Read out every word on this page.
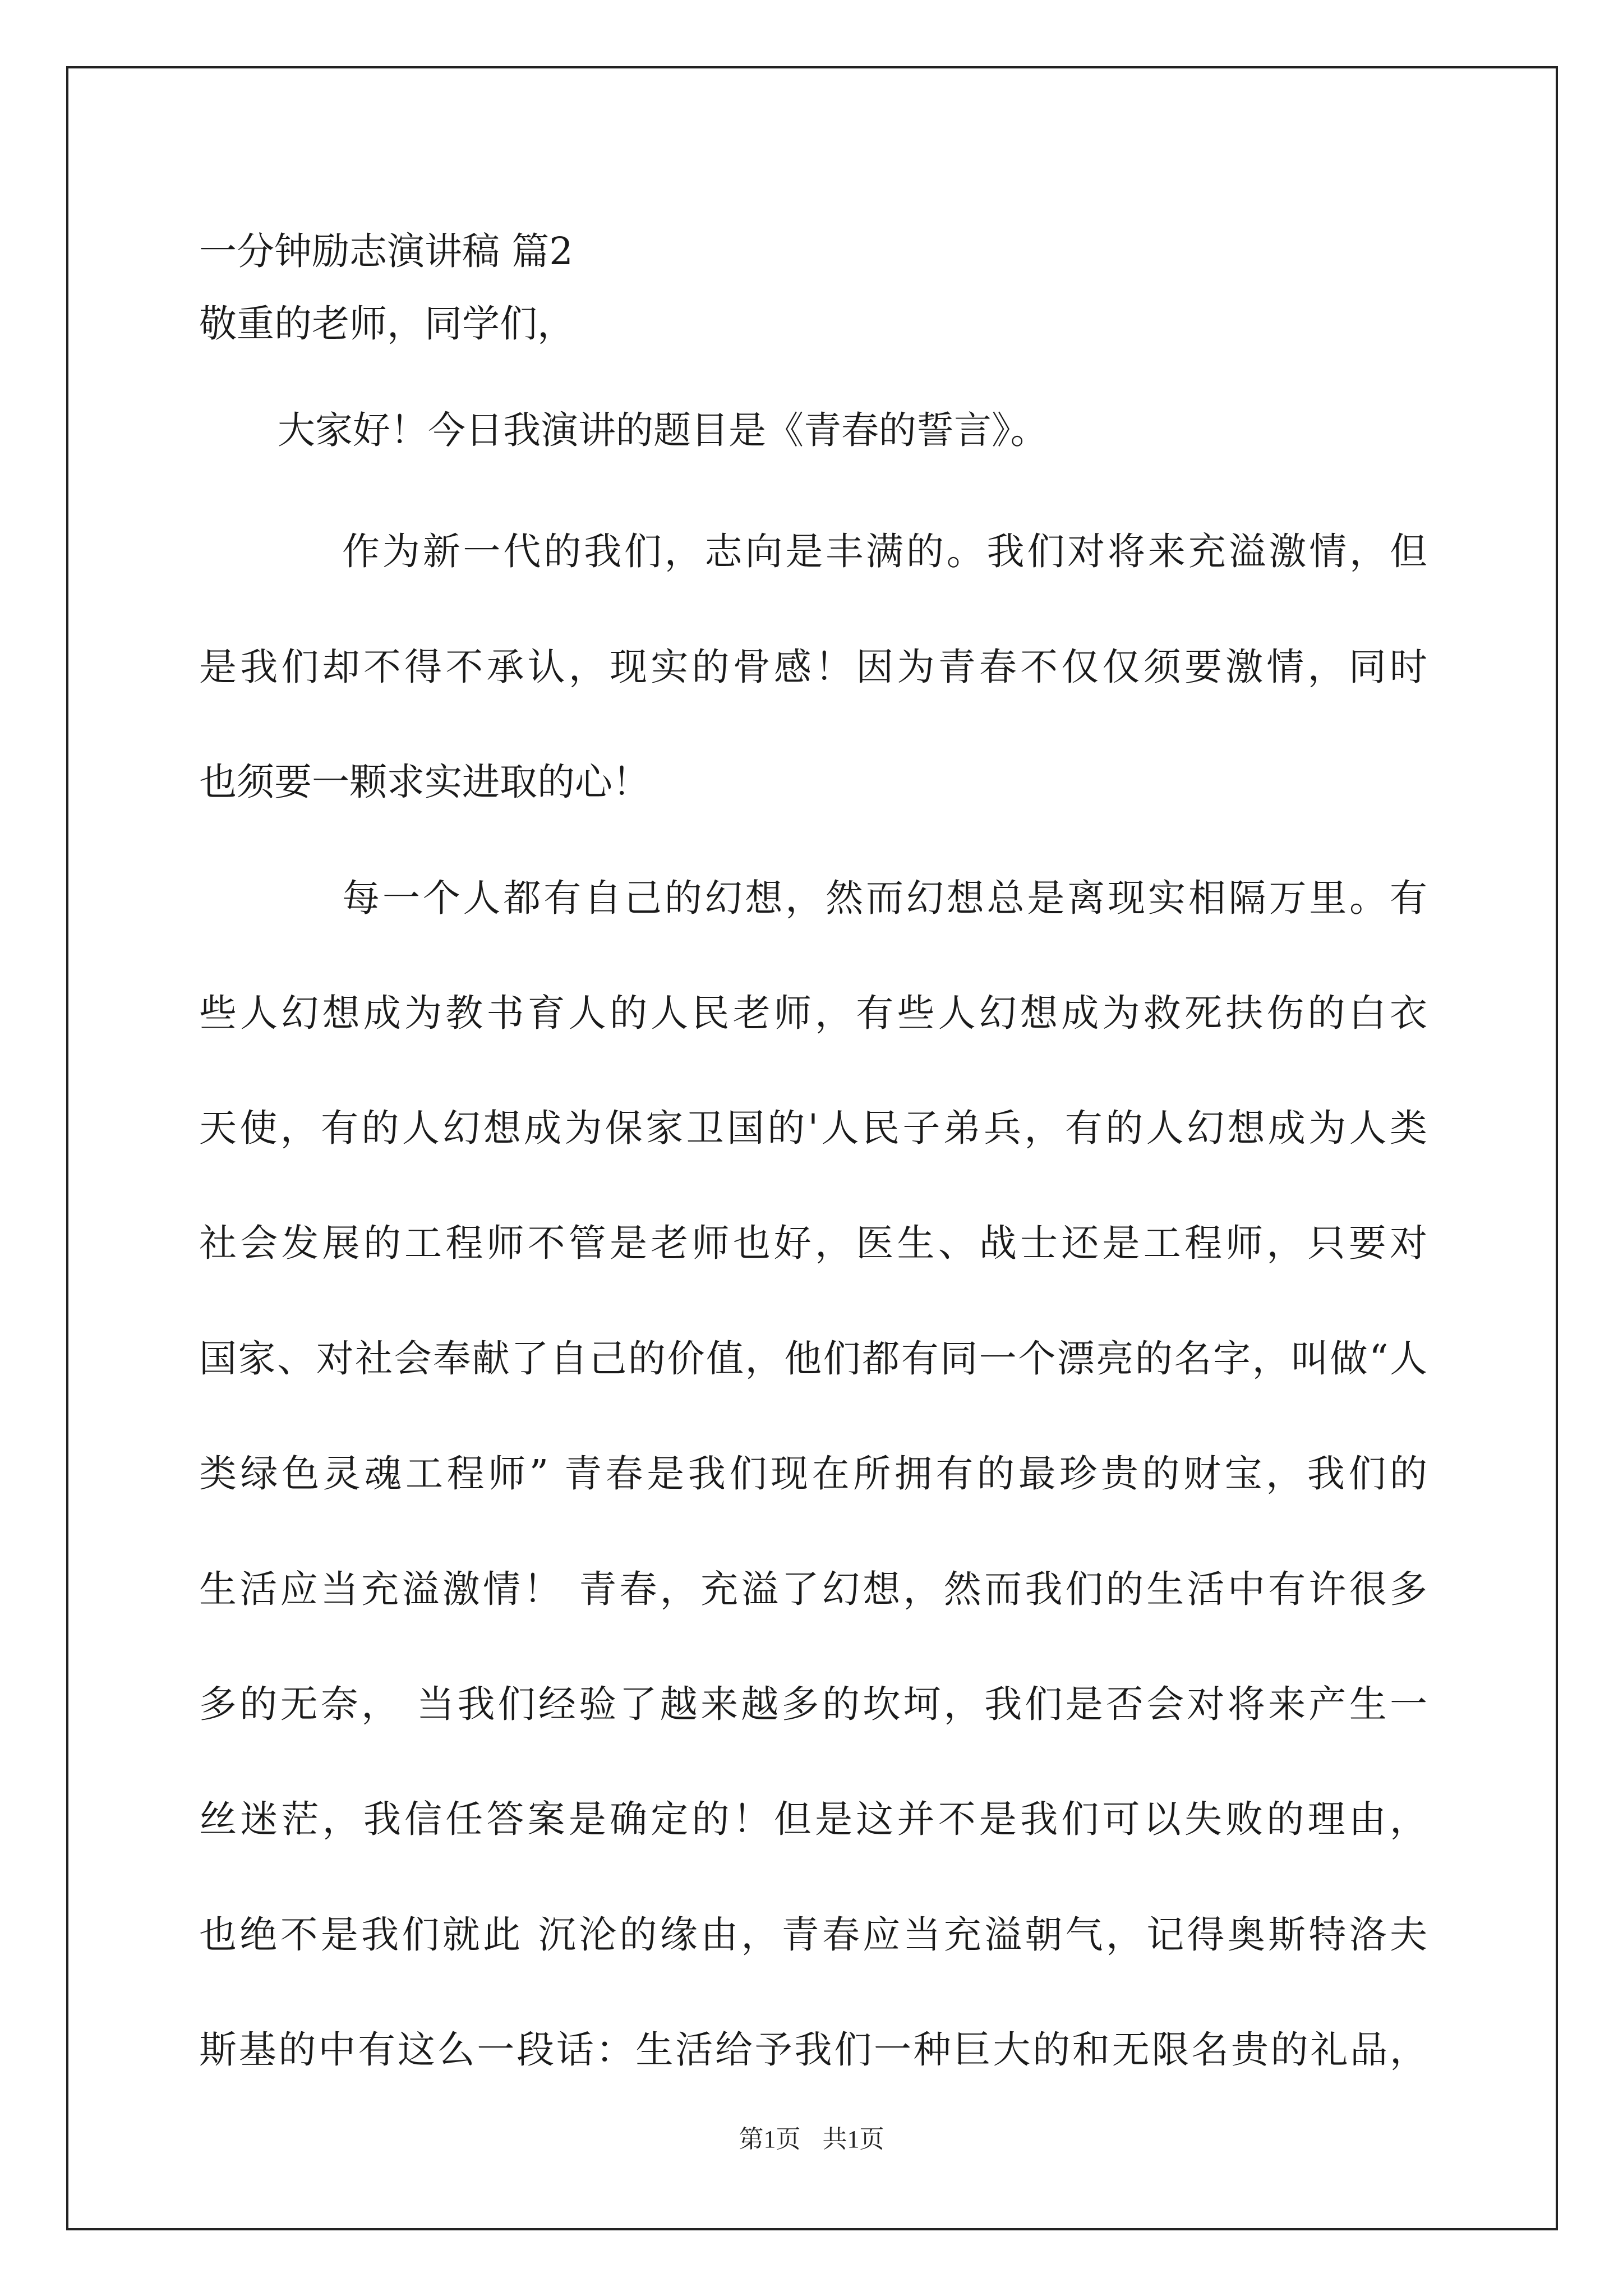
一分钟励志演讲稿 篇2
敬重的老师，同学们，
大家好！今日我演讲的题目是《青春的誓言》。
作为新一代的我们，志向是丰满的。我们对将来充溢激情，但
是我们却不得不承认，现实的骨感！因为青春不仅仅须要激情，同时
也须要一颗求实进取的心！
每一个人都有自己的幻想，然而幻想总是离现实相隔万里。有
些人幻想成为教书育人的人民老师，有些人幻想成为救死扶伤的白衣
天使，有的人幻想成为保家卫国的'人民子弟兵，有的人幻想成为人类
社会发展的工程师不管是老师也好，医生、战士还是工程师，只要对
国家、对社会奉献了自己的价值，他们都有同一个漂亮的名字，叫做“人
类绿色灵魂工程师” 青春是我们现在所拥有的最珍贵的财宝，我们的
生活应当充溢激情！ 青春，充溢了幻想，然而我们的生活中有许很多
多的无奈， 当我们经验了越来越多的坎坷，我们是否会对将来产生一
丝迷茫，我信任答案是确定的！但是这并不是我们可以失败的理由，
也绝不是我们就此 沉沦的缘由，青春应当充溢朝气，记得奥斯特洛夫
斯基的中有这么一段话：生活给予我们一种巨大的和无限名贵的礼品，
第1页 共1页
